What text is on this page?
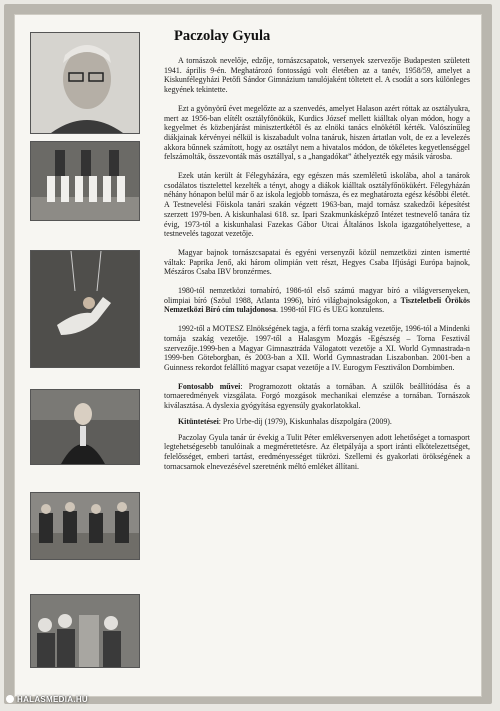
Paczolay Gyula

A tornászok nevelője, edzője, tornászcsapatok, versenyek szervezője Budapesten született 1941. április 9-én. Meghatározó fontosságú volt életében az a tanév, 1958/59, amelyet a Kiskunfélegyházi Petőfi Sándor Gimnázium tanulójaként töltetett el. A csodát a sors különleges kegyének tekintette.

Ezt a gyönyörű évet megelőzte az a szenvedés, amelyet Halason azért róttak az osztályukra, mert az 1956-ban elítélt osztályfőnökük, Kurdics József mellett kiálltak olyan módon, hogy a kegyelmet és közbenjárást minisztertkétől és az elnöki tanács elnökétől kérték. Valószínűleg diákjainak kérvényei nélkül is kiszabadult volna tanáruk, hiszen ártatlan volt, de ez a levelezés akkora bűnnek számított, hogy az osztályt nem a hivatalos módon, de tökéletes kegyetlenséggel felszámolták, összevonták más osztállyal, s a „hangadókat” áthelyezték egy másik városba.

Ezek után került át Félegyházára, egy egészen más szemléletű iskolába, ahol a tanárok csodálatos tisztelettel kezelték a tényt, ahogy a diákok kiálltak osztályfőnökükért. Félegyházán néhány hónapon belül már ő az iskola legjobb tornásza, és ez meghatározta egész későbbi életét. A Testnevelési Főiskola tanári szakán végzett 1963-ban, majd tornász szakedzői képesítést szerzett 1979-ben. A kiskunhalasi 618. sz. Ipari Szakmunkásképző Intézet testnevelő tanára tíz évig, 1973-tól a kiskunhalasi Fazekas Gábor Utcai Általános Iskola igazgatóhelyettese, a testnevelés tagozat vezetője.

Magyar bajnok tornászcsapatai és egyéni versenyzői közül nemzetközi zinten ismertté váltak: Paprika Jenő, aki három olimpián vett részt, Hegyes Csaba Ifjúsági Európa bajnok, Mészáros Csaba IBV bronzérmes.

1980-tól nemzetközi tornabíró, 1986-tól első számú magyar bíró a világversenyeken, olimpiai bíró (Szöul 1988, Atlanta 1996), bíró világbajnokságokon, a Tiszteletbeli Örökös Nemzetközi Bíró cím tulajdonosa. 1998-tól FIG és UEG konzulens.

1992-től a MOTESZ Elnökségének tagja, a férfi torna szakág vezetője, 1996-tól a Mindenki tornája szakág vezetője. 1997-től a Halasgym Mozgás -Egészség – Torna Fesztivál szervezője.1999-ben a Magyar Gimnasztráda Válogatott vezetője a XI. World Gymnastrada-n 1999-ben Göteborgban, és 2003-ban a XII. World Gymnastradan Liszabonban. 2001-ben a Guinness rekordot felállító magyar csapat vezetője a IV. Eurogym Fesztiválon Dornbimben.

Fontosabb művei: Programozott oktatás a tornában. A szülők beállítódása és a tornaeredmények vizsgálata. Forgó mozgások mechanikai elemzése a tornában. Tornászok kiválasztása. A dyslexia gyógyítása egyensúly gyakorlatokkal.

Kitüntetései: Pro Urbe-díj (1979), Kiskunhalas díszpolgára (2009).

Paczolay Gyula tanár úr évekig a Tulit Péter emlékversenyen adott lehetőséget a tornasport legtehetségesebb tanulóinak a megmérettetésre. Az életpályája a sport iránti elkötelezettséget, felelősséget, emberi tartást, eredményességet tükrözi. Szellemi és gyakorlati örökségének a tornacsarnok elnevezésével szeretnénk méltó emléket állítani.

HALASMEDIA.HU
